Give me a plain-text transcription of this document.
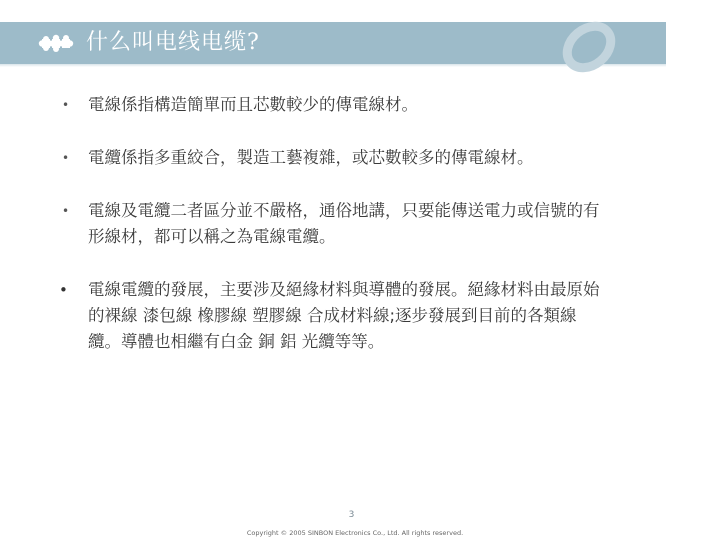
什么叫电线电缆?
•	電線係指構造簡單而且芯數較少的傳電線材。
•	電纜係指多重絞合，製造工藝複雜，或芯數較多的傳電線材。
•	電線及電纜二者區分並不嚴格，通俗地講，只要能傳送電力或信號的有形線材，都可以稱之為電線電纜。
•	電線電纜的發展，主要涉及絕緣材料與導體的發展。絕緣材料由最原始的裸線 漆包線 橡膠線 塑膠線 合成材料線;逐步發展到目前的各類線纜。導體也相繼有白金 銅 鋁 光纜等等。
3
Copyright © 2005 SINBON Electronics Co., Ltd. All rights reserved.
